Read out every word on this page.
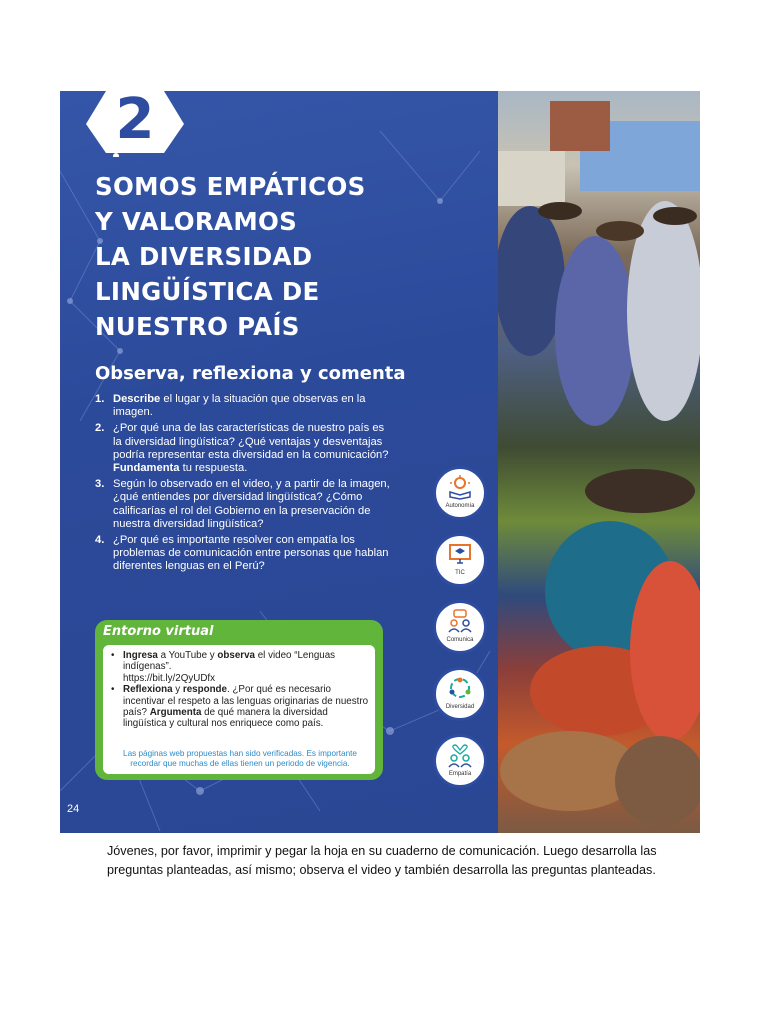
2
SOMOS EMPÁTICOS
Y VALORAMOS
LA DIVERSIDAD
LINGÜÍSTICA DE
NUESTRO PAÍS
Observa, reflexiona y comenta
1. Describe el lugar y la situación que observas en la imagen.
2. ¿Por qué una de las características de nuestro país es la diversidad lingüística? ¿Qué ventajas y desventajas podría representar esta diversidad en la comunicación? Fundamenta tu respuesta.
3. Según lo observado en el video, y a partir de la imagen, ¿qué entiendes por diversidad lingüística? ¿Cómo calificarías el rol del Gobierno en la preservación de nuestra diversidad lingüística?
4. ¿Por qué es importante resolver con empatía los problemas de comunicación entre personas que hablan diferentes lenguas en el Perú?
Entorno virtual
• Ingresa a YouTube y observa el video “Lenguas indígenas”.
https://bit.ly/2QyUDfx
• Reflexiona y responde. ¿Por qué es necesario incentivar el respeto a las lenguas originarias de nuestro país? Argumenta de qué manera la diversidad lingüística y cultural nos enriquece como país.
Las páginas web propuestas han sido verificadas. Es importante recordar que muchas de ellas tienen un periodo de vigencia.
24
Autonomía
TIC
Comunica
Diversidad
Empatía
Jóvenes, por favor, imprimir y pegar la hoja en su cuaderno de comunicación. Luego desarrolla las preguntas planteadas, así mismo; observa el video y también desarrolla las preguntas planteadas.
